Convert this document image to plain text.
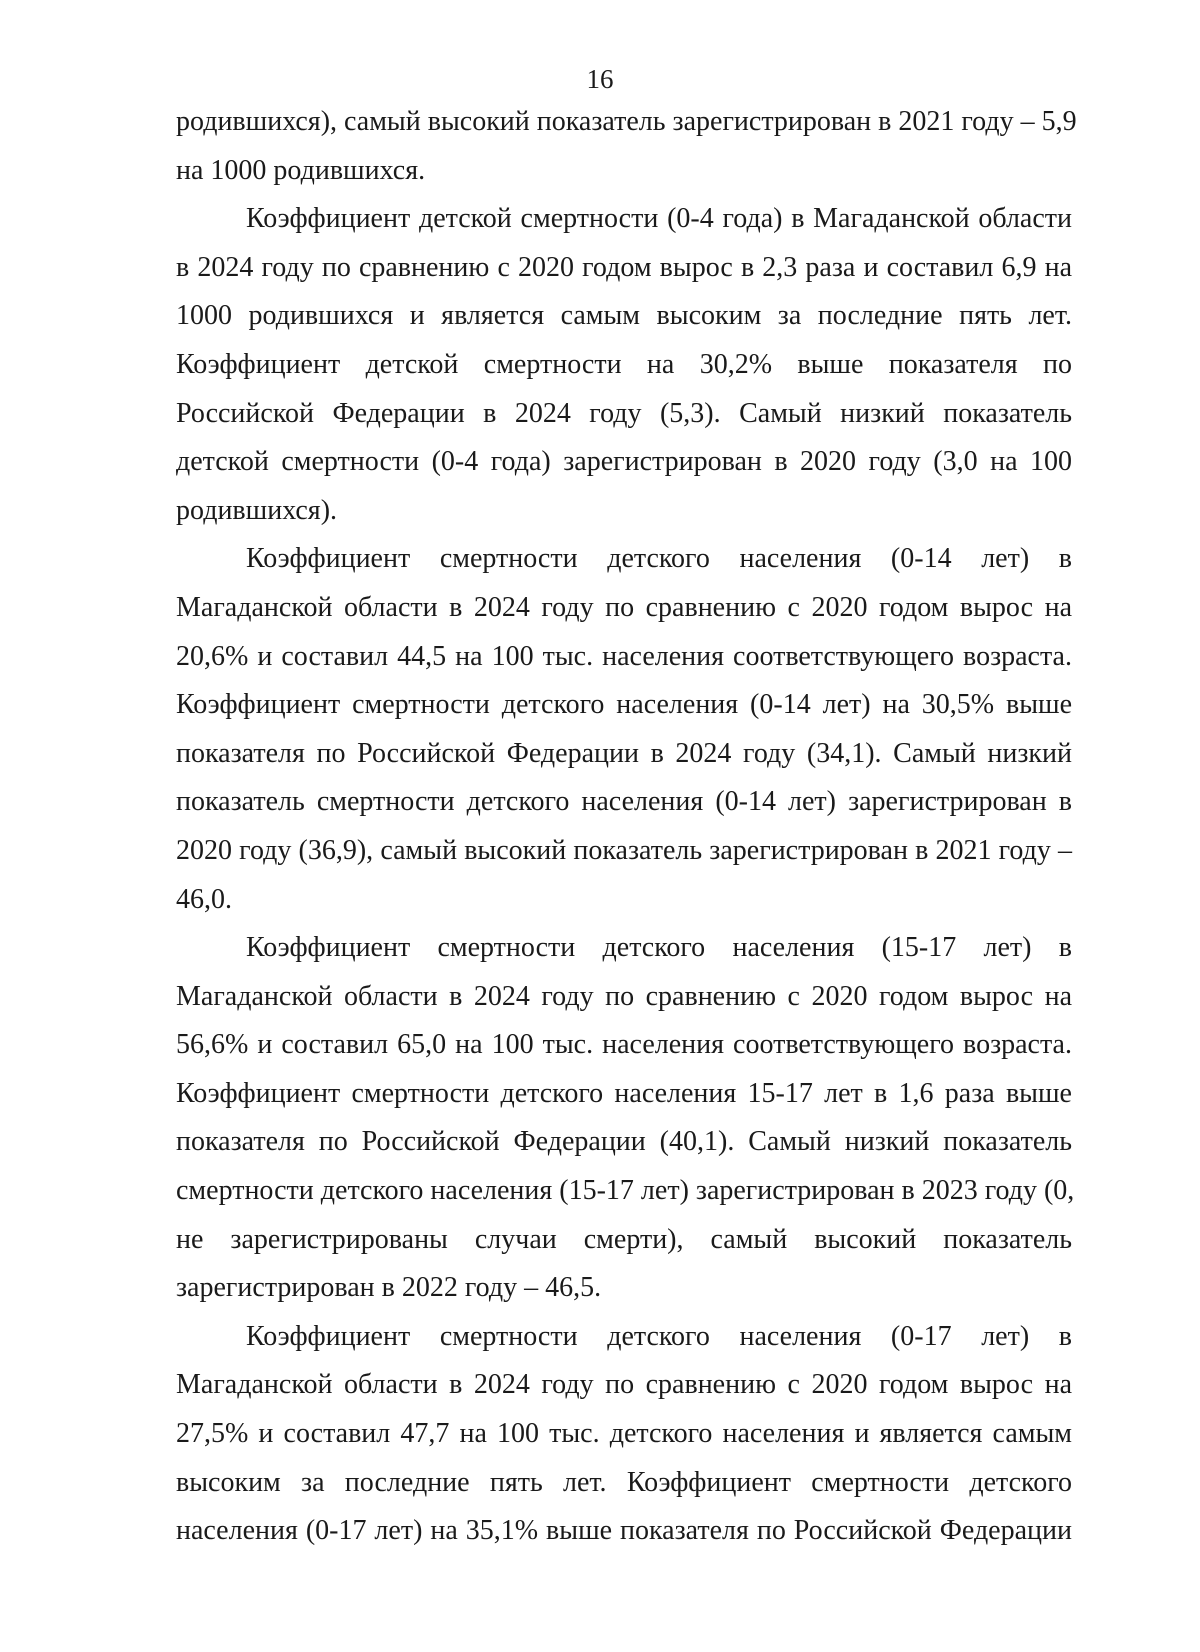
16

родившихся), самый высокий показатель зарегистрирован в 2021 году – 5,9
на 1000 родившихся.

Коэффициент детской смертности (0-4 года) в Магаданской области
в 2024 году по сравнению с 2020 годом вырос в 2,3 раза и составил 6,9 на
1000 родившихся и является самым высоким за последние пять лет.
Коэффициент детской смертности на 30,2% выше показателя по
Российской Федерации в 2024 году (5,3). Самый низкий показатель
детской смертности (0-4 года) зарегистрирован в 2020 году (3,0 на 100
родившихся).

Коэффициент смертности детского населения (0-14 лет) в
Магаданской области в 2024 году по сравнению с 2020 годом вырос на
20,6% и составил 44,5 на 100 тыс. населения соответствующего возраста.
Коэффициент смертности детского населения (0-14 лет) на 30,5% выше
показателя по Российской Федерации в 2024 году (34,1). Самый низкий
показатель смертности детского населения (0-14 лет) зарегистрирован в
2020 году (36,9), самый высокий показатель зарегистрирован в 2021 году –
46,0.

Коэффициент смертности детского населения (15-17 лет) в
Магаданской области в 2024 году по сравнению с 2020 годом вырос на
56,6% и составил 65,0 на 100 тыс. населения соответствующего возраста.
Коэффициент смертности детского населения 15-17 лет в 1,6 раза выше
показателя по Российской Федерации (40,1). Самый низкий показатель
смертности детского населения (15-17 лет) зарегистрирован в 2023 году (0,
не зарегистрированы случаи смерти), самый высокий показатель
зарегистрирован в 2022 году – 46,5.

Коэффициент смертности детского населения (0-17 лет) в
Магаданской области в 2024 году по сравнению с 2020 годом вырос на
27,5% и составил 47,7 на 100 тыс. детского населения и является самым
высоким за последние пять лет. Коэффициент смертности детского
населения (0-17 лет) на 35,1% выше показателя по Российской Федерации
